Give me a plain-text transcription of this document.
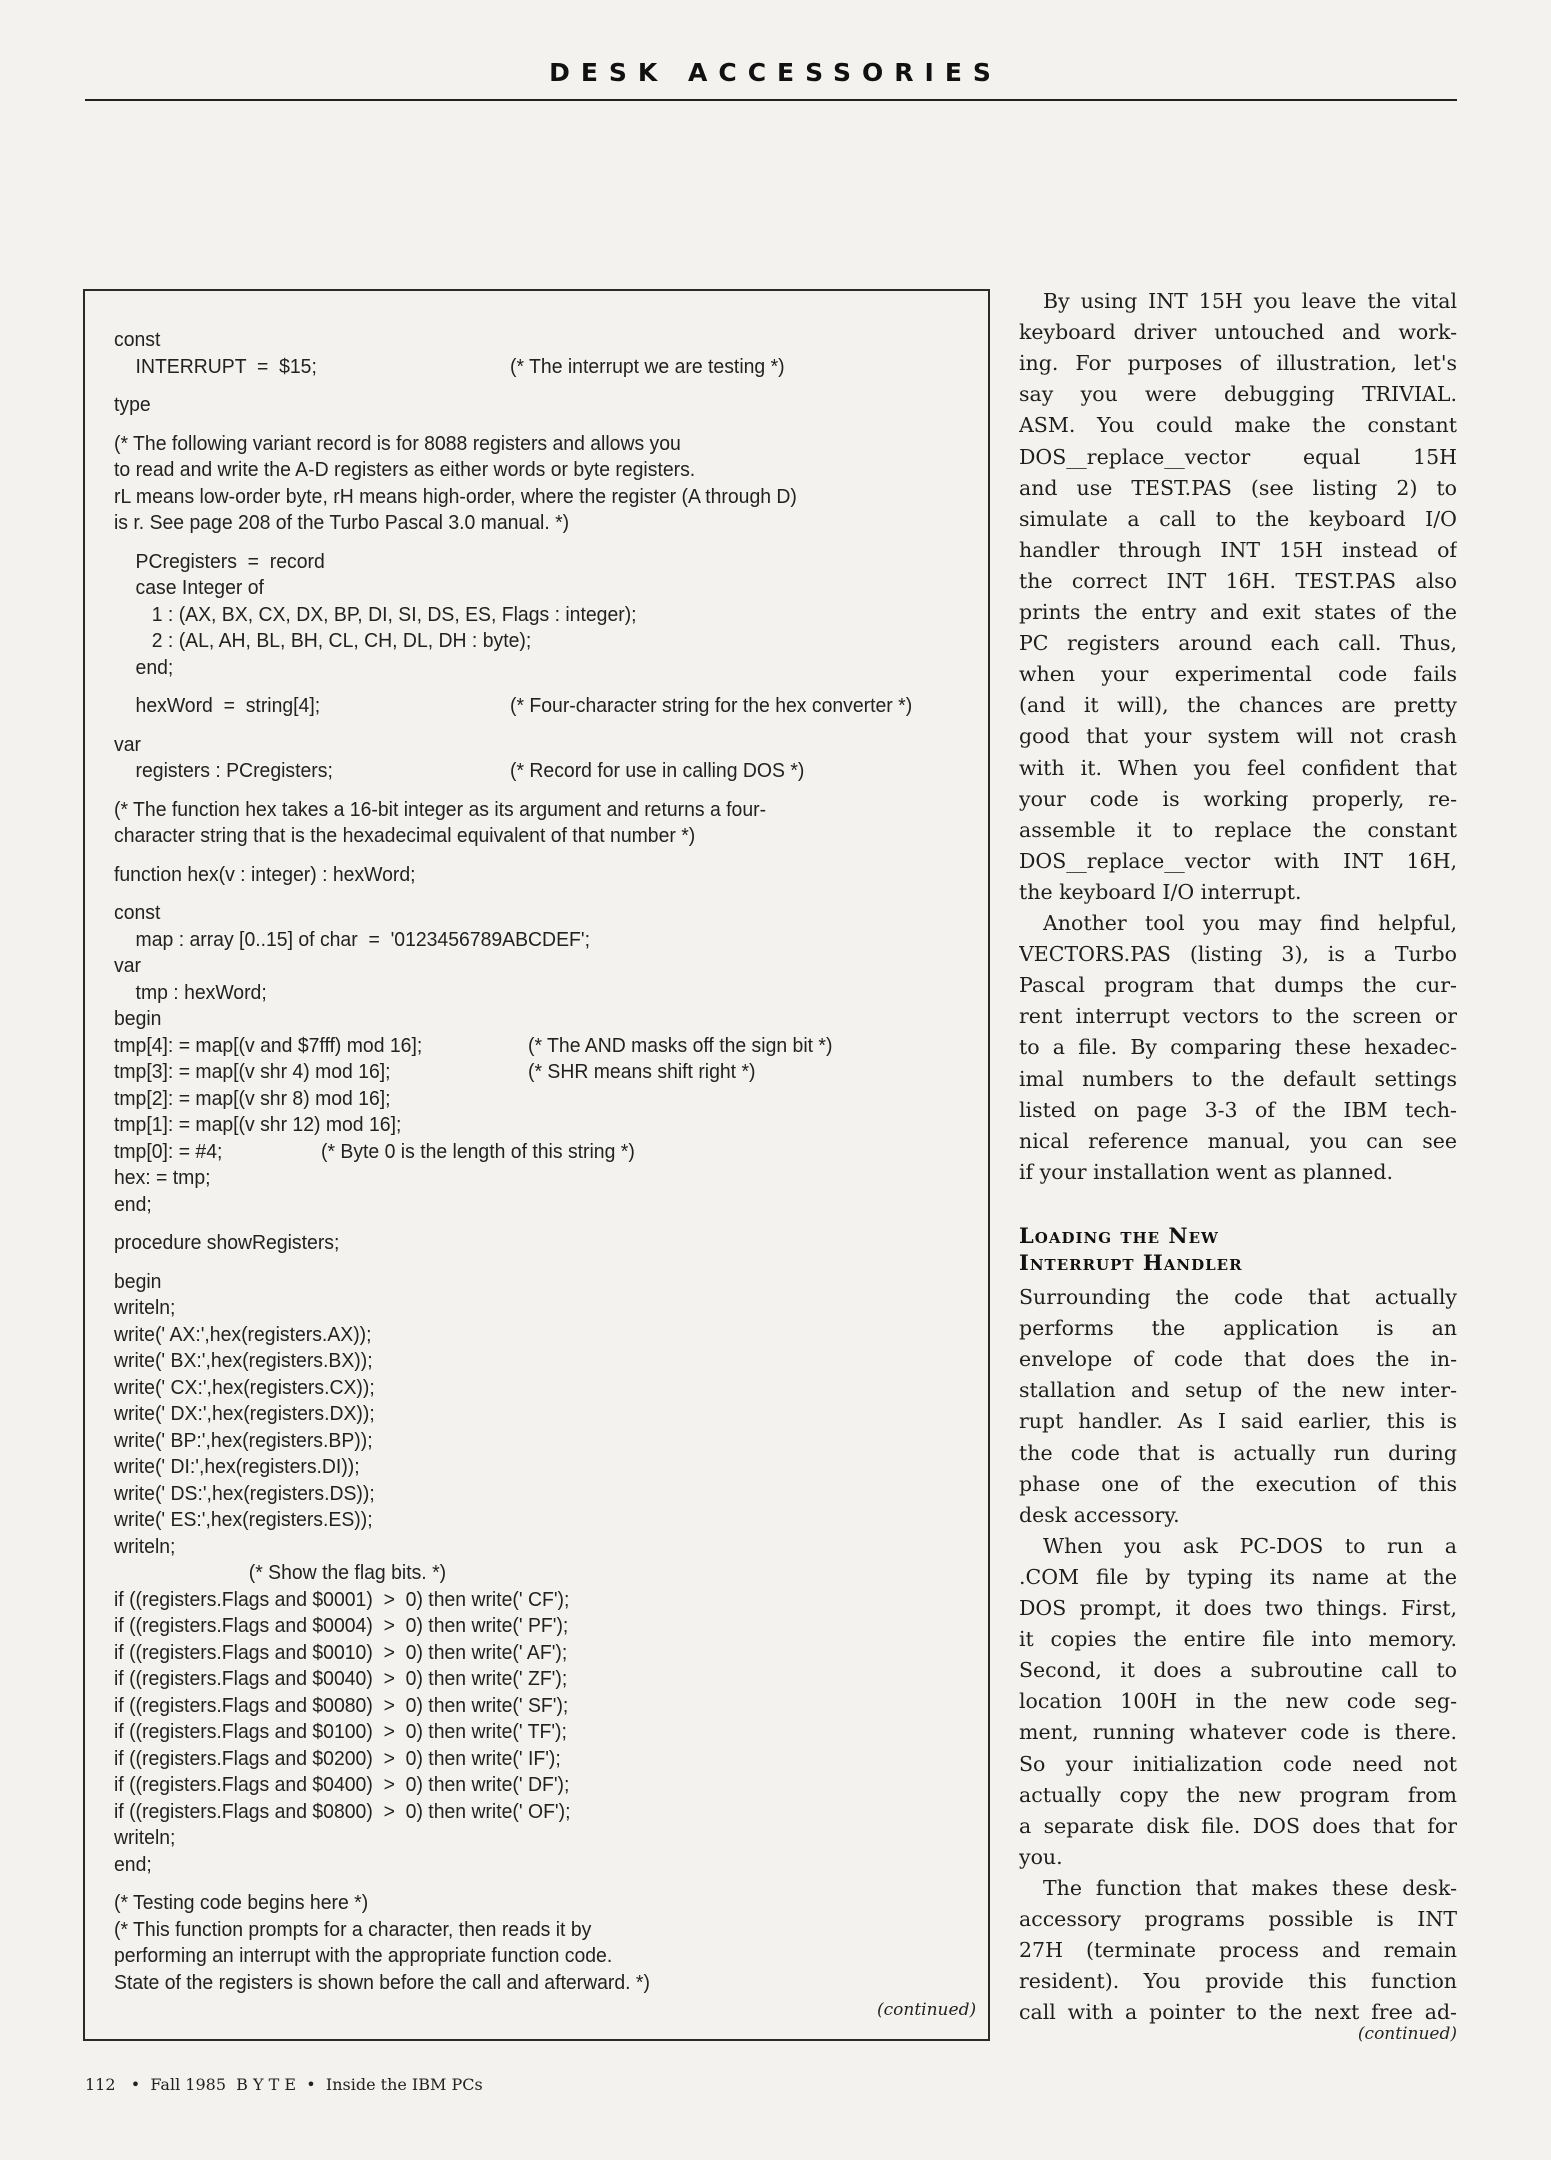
DESK ACCESSORIES
const
INTERRUPT  =  $15;	(* The interrupt we are testing *)
type
(* The following variant record is for 8088 registers and allows you
to read and write the A-D registers as either words or byte registers.
rL means low-order byte, rH means high-order, where the register (A through D)
is r. See page 208 of the Turbo Pascal 3.0 manual. *)
PCregisters  =  record
case Integer of
1 : (AX, BX, CX, DX, BP, DI, SI, DS, ES, Flags : integer);
2 : (AL, AH, BL, BH, CL, CH, DL, DH : byte);
end;
hexWord  =  string[4];	(* Four-character string for the hex converter *)
var
registers : PCregisters;	(* Record for use in calling DOS *)
(* The function hex takes a 16-bit integer as its argument and returns a four-
character string that is the hexadecimal equivalent of that number *)
function hex(v : integer) : hexWord;
const
map : array [0..15] of char  =  '0123456789ABCDEF';
var
tmp : hexWord;
begin
tmp[4]: = map[(v and $7fff) mod 16];	(* The AND masks off the sign bit *)
tmp[3]: = map[(v shr 4) mod 16];	(* SHR means shift right *)
tmp[2]: = map[(v shr 8) mod 16];
tmp[1]: = map[(v shr 12) mod 16];
tmp[0]: = #4;	(* Byte 0 is the length of this string *)
hex: = tmp;
end;
procedure showRegisters;
begin
writeln;
write(' AX:',hex(registers.AX));
write(' BX:',hex(registers.BX));
write(' CX:',hex(registers.CX));
write(' DX:',hex(registers.DX));
write(' BP:',hex(registers.BP));
write(' DI:',hex(registers.DI));
write(' DS:',hex(registers.DS));
write(' ES:',hex(registers.ES));
writeln;
(* Show the flag bits. *)
if ((registers.Flags and $0001)  >  0) then write(' CF');
if ((registers.Flags and $0004)  >  0) then write(' PF');
if ((registers.Flags and $0010)  >  0) then write(' AF');
if ((registers.Flags and $0040)  >  0) then write(' ZF');
if ((registers.Flags and $0080)  >  0) then write(' SF');
if ((registers.Flags and $0100)  >  0) then write(' TF');
if ((registers.Flags and $0200)  >  0) then write(' IF');
if ((registers.Flags and $0400)  >  0) then write(' DF');
if ((registers.Flags and $0800)  >  0) then write(' OF');
writeln;
end;
(* Testing code begins here *)
(* This function prompts for a character, then reads it by
performing an interrupt with the appropriate function code.
State of the registers is shown before the call and afterward. *)
(continued)
By using INT 15H you leave the vital
keyboard driver untouched and work-
ing. For purposes of illustration, let's
say you were debugging TRIVIAL.
ASM. You could make the constant
DOS__replace__vector equal 15H
and use TEST.PAS (see listing 2) to
simulate a call to the keyboard I/O
handler through INT 15H instead of
the correct INT 16H. TEST.PAS also
prints the entry and exit states of the
PC registers around each call. Thus,
when your experimental code fails
(and it will), the chances are pretty
good that your system will not crash
with it. When you feel confident that
your code is working properly, re-
assemble it to replace the constant
DOS__replace__vector with INT 16H,
the keyboard I/O interrupt.
Another tool you may find helpful,
VECTORS.PAS (listing 3), is a Turbo
Pascal program that dumps the cur-
rent interrupt vectors to the screen or
to a file. By comparing these hexadec-
imal numbers to the default settings
listed on page 3-3 of the IBM tech-
nical reference manual, you can see
if your installation went as planned.
Loading the New
Interrupt Handler
Surrounding the code that actually
performs the application is an
envelope of code that does the in-
stallation and setup of the new inter-
rupt handler. As I said earlier, this is
the code that is actually run during
phase one of the execution of this
desk accessory.
When you ask PC-DOS to run a
.COM file by typing its name at the
DOS prompt, it does two things. First,
it copies the entire file into memory.
Second, it does a subroutine call to
location 100H in the new code seg-
ment, running whatever code is there.
So your initialization code need not
actually copy the new program from
a separate disk file. DOS does that for
you.
The function that makes these desk-
accessory programs possible is INT
27H (terminate process and remain
resident). You provide this function
call with a pointer to the next free ad-
(continued)
112   •  Fall 1985  B Y T E  •  Inside the IBM PCs
